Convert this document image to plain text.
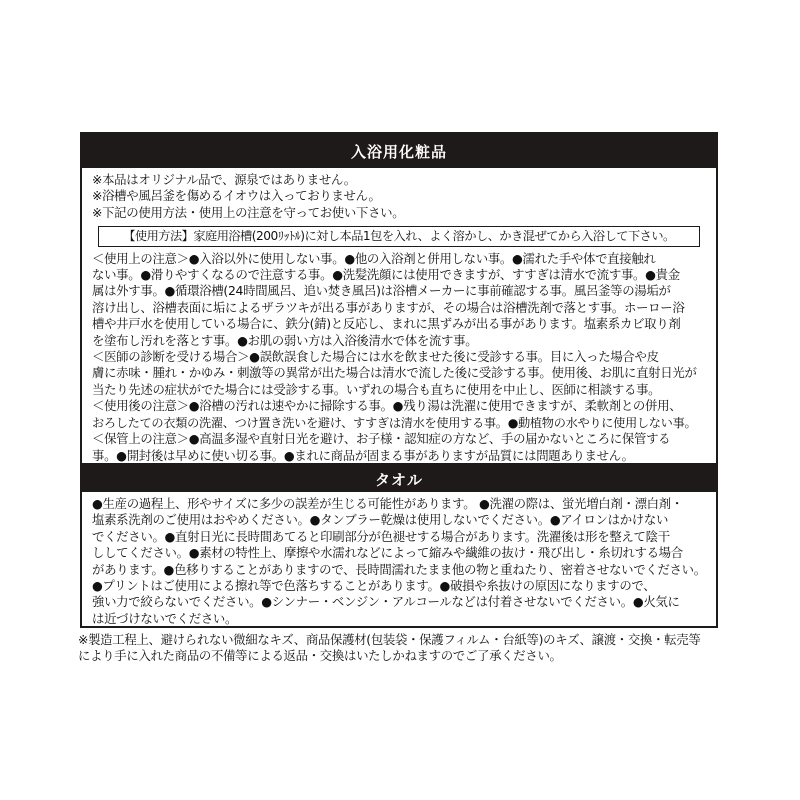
入浴用化粧品
※本品はオリジナル品で、源泉ではありません。
※浴槽や風呂釜を傷めるイオウは入っておりません。
※下記の使用方法・使用上の注意を守ってお使い下さい。
【使用方法】家庭用浴槽(200ﾘｯﾄﾙ)に対し本品1包を入れ、よく溶かし、かき混ぜてから入浴して下さい。
＜使用上の注意＞●入浴以外に使用しない事。●他の入浴剤と併用しない事。●濡れた手や体で直接触れ
ない事。●滑りやすくなるので注意する事。●洗髪洗顔には使用できますが、すすぎは清水で流す事。●貴金
属は外す事。●循環浴槽(24時間風呂、追い焚き風呂)は浴槽メーカーに事前確認する事。風呂釜等の湯垢が
溶け出し、浴槽表面に垢によるザラツキが出る事がありますが、その場合は浴槽洗剤で落とす事。ホーロー浴
槽や井戸水を使用している場合に、鉄分(錆)と反応し、まれに黒ずみが出る事があります。塩素系カビ取り剤
を塗布し汚れを落とす事。●お肌の弱い方は入浴後清水で体を流す事。
＜医師の診断を受ける場合＞●誤飲誤食した場合には水を飲ませた後に受診する事。目に入った場合や皮
膚に赤味・腫れ・かゆみ・刺激等の異常が出た場合は清水で流した後に受診する事。使用後、お肌に直射日光が
当たり先述の症状がでた場合には受診する事。いずれの場合も直ちに使用を中止し、医師に相談する事。
＜使用後の注意＞●浴槽の汚れは速やかに掃除する事。●残り湯は洗濯に使用できますが、柔軟剤との併用、
おろしたての衣類の洗濯、つけ置き洗いを避け、すすぎは清水を使用する事。●動植物の水やりに使用しない事。
＜保管上の注意＞●高温多湿や直射日光を避け、お子様・認知症の方など、手の届かないところに保管する
事。●開封後は早めに使い切る事。●まれに商品が固まる事がありますが品質には問題ありません。
タオル
●生産の過程上、形やサイズに多少の誤差が生じる可能性があります。 ●洗濯の際は、蛍光増白剤・漂白剤・
塩素系洗剤のご使用はおやめください。●タンブラー乾燥は使用しないでください。●アイロンはかけない
でください。●直射日光に長時間あてると印刷部分が色褪せする場合があります。洗濯後は形を整えて陰干
ししてください。●素材の特性上、摩擦や水濡れなどによって縮みや繊維の抜け・飛び出し・糸切れする場合
があります。●色移りすることがありますので、長時間濡れたまま他の物と重ねたり、密着させないでください。
●プリントはご使用による擦れ等で色落ちすることがあります。●破損や糸抜けの原因になりますので、
強い力で絞らないでください。●シンナー・ベンジン・アルコールなどは付着させないでください。●火気に
は近づけないでください。
※製造工程上、避けられない微細なキズ、商品保護材(包装袋・保護フィルム・台紙等)のキズ、譲渡・交換・転売等
により手に入れた商品の不備等による返品・交換はいたしかねますのでご了承ください。
